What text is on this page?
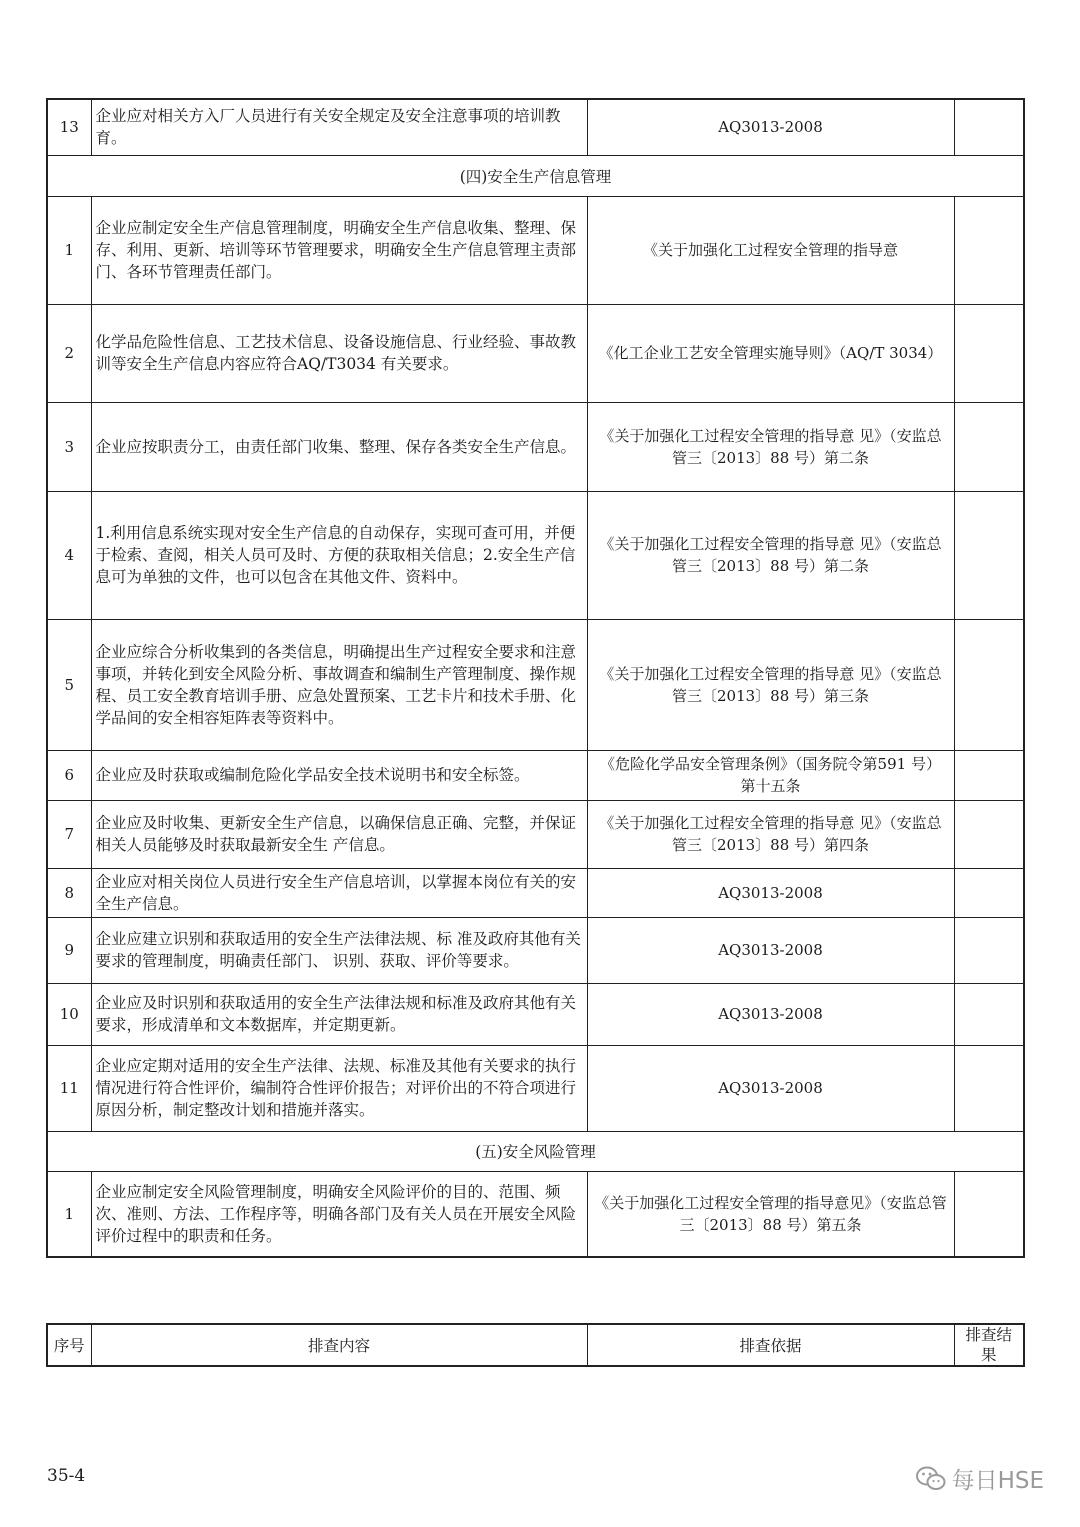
13	企业应对相关方入厂人员进行有关安全规定及安全注意事项的培训教育。	AQ3013-2008	
(四)安全生产信息管理			
1	企业应制定安全生产信息管理制度，明确安全生产信息收集、整理、保存、利用、更新、培训等环节管理要求，明确安全生产信息管理主责部门、各环节管理责任部门。	《关于加强化工过程安全管理的指导意	
2	化学品危险性信息、工艺技术信息、设备设施信息、行业经验、事故教训等安全生产信息内容应符合AQ/T3034 有关要求。	《化工企业工艺安全管理实施导则》（AQ/T 3034）	
3	企业应按职责分工，由责任部门收集、整理、保存各类安全生产信息。	《关于加强化工过程安全管理的指导意 见》（安监总管三〔2013〕88 号）第二条	
4	1.利用信息系统实现对安全生产信息的自动保存，实现可查可用，并便于检索、查阅，相关人员可及时、方便的获取相关信息；2.安全生产信息可为单独的文件，也可以包含在其他文件、资料中。	《关于加强化工过程安全管理的指导意 见》（安监总管三〔2013〕88 号）第二条	
5	企业应综合分析收集到的各类信息，明确提出生产过程安全要求和注意事项，并转化到安全风险分析、事故调查和编制生产管理制度、操作规程、员工安全教育培训手册、应急处置预案、工艺卡片和技术手册、化学品间的安全相容矩阵表等资料中。	《关于加强化工过程安全管理的指导意 见》（安监总管三〔2013〕88 号）第三条	
6	企业应及时获取或编制危险化学品安全技术说明书和安全标签。	《危险化学品安全管理条例》（国务院令第591 号）第十五条	
7	企业应及时收集、更新安全生产信息，以确保信息正确、完整，并保证相关人员能够及时获取最新安全生 产信息。	《关于加强化工过程安全管理的指导意 见》（安监总管三〔2013〕88 号）第四条	
8	企业应对相关岗位人员进行安全生产信息培训，以掌握本岗位有关的安全生产信息。	AQ3013-2008	
9	企业应建立识别和获取适用的安全生产法律法规、标 准及政府其他有关要求的管理制度，明确责任部门、 识别、获取、评价等要求。	AQ3013-2008	
10	企业应及时识别和获取适用的安全生产法律法规和标准及政府其他有关要求，形成清单和文本数据库，并定期更新。	AQ3013-2008	
11	企业应定期对适用的安全生产法律、法规、标准及其他有关要求的执行情况进行符合性评价，编制符合性评价报告；对评价出的不符合项进行原因分析，制定整改计划和措施并落实。	AQ3013-2008	
(五)安全风险管理			
1	企业应制定安全风险管理制度，明确安全风险评价的目的、范围、频次、准则、方法、工作程序等，明确各部门及有关人员在开展安全风险评价过程中的职责和任务。	《关于加强化工过程安全管理的指导意见》（安监总管三〔2013〕88 号）第五条	
序号	排查内容	排查依据	排查结果
35-4	每日HSE
